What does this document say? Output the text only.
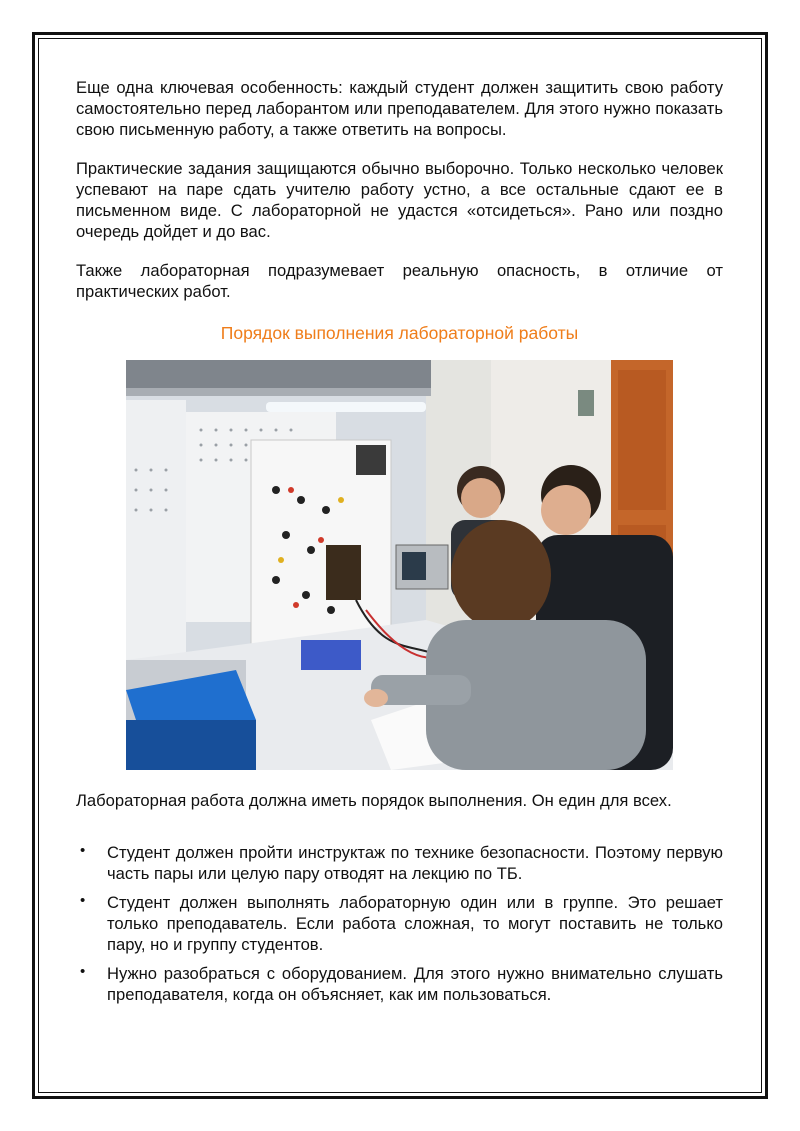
Еще одна ключевая особенность: каждый студент должен защитить свою работу самостоятельно перед лаборантом или преподавателем. Для этого нужно показать свою письменную работу, а также ответить на вопросы.

Практические задания защищаются обычно выборочно. Только несколько человек успевают на паре сдать учителю работу устно, а все остальные сдают ее в письменном виде. С лабораторной не удастся «отсидеться». Рано или поздно очередь дойдет и до вас.

Также лабораторная подразумевает реальную опасность, в отличие от практических работ.

Порядок выполнения лабораторной работы

Лабораторная работа должна иметь порядок выполнения. Он един для всех.

• Студент должен пройти инструктаж по технике безопасности. Поэтому первую часть пары или целую пару отводят на лекцию по ТБ.
• Студент должен выполнять лабораторную один или в группе. Это решает только преподаватель. Если работа сложная, то могут поставить не только пару, но и группу студентов.
• Нужно разобраться с оборудованием. Для этого нужно внимательно слушать преподавателя, когда он объясняет, как им пользоваться.
